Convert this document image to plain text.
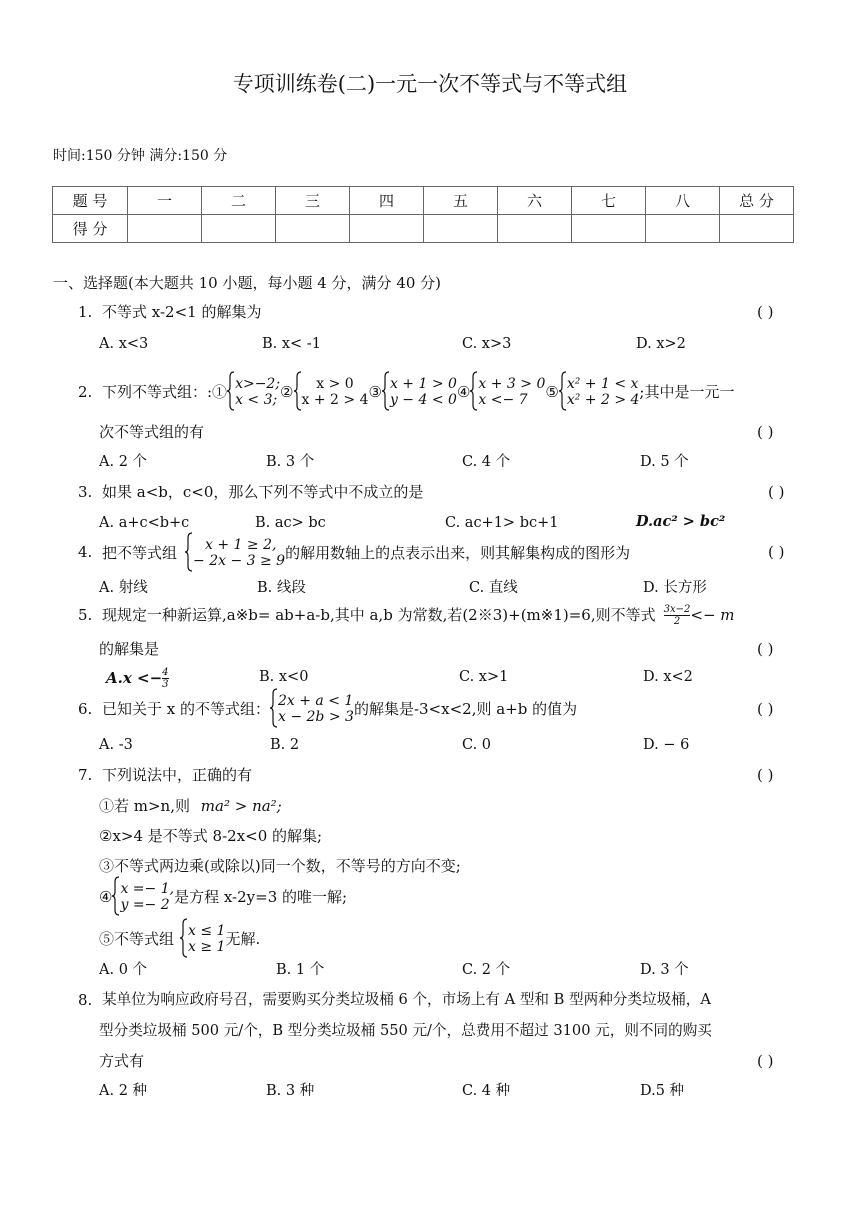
专项训练卷(二)一元一次不等式与不等式组
时间:150 分钟 满分:150 分
题 号	一	二	三	四	五	六	七	八	总 分
得 分									
一、选择题(本大题共 10 小题，每小题 4 分，满分 40 分)
1. 不等式 x-2<1 的解集为	( )
A. x<3	B. x< -1	C. x>3	D. x>2
2. 下列不等式组：:① x>−2;
x < 3; ②	x > 0
x + 2 > 4 ③ x + 1 > 0
y − 4 < 0 ④ x + 3 > 0
x <− 7	⑤ x² + 1 < x
x² + 2 > 4 ;其中是一元一
次不等式组的有	( )
A. 2 个	B. 3 个	C. 4 个	D. 5 个
3. 如果 a<b，c<0，那么下列不等式中不成立的是	( )
A. a+c<b+c	B. ac> bc	C. ac+1> bc+1	D.ac² > bc²
4. 把不等式组	x + 1 ≥ 2,
− 2x − 3 ≥ 9 的解用数轴上的点表示出来，则其解集构成的图形为	( )
A. 射线	B. 线段	C. 直线	D. 长方形
5. 现规定一种新运算,a※b= ab+a-b,其中 a,b 为常数,若(2※3)+(m※1)=6,则不等式 $\frac{3x-2}{2} <- m$
的解集是	( )
$A.x <- \frac{4}{3}$	B. x<0	C. x>1	D. x<2
6. 已知关于 x 的不等式组： 2x + a < 1
x − 2b > 3 的解集是-3<x<2,则 a+b 的值为	( )
A. -3	B. 2	C. 0	D. − 6
7. 下列说法中，正确的有	( )
①若 m>n,则 ma² > na²;
②x>4 是不等式 8-2x<0 的解集;
③不等式两边乘(或除以)同一个数，不等号的方向不变;
④ x =− 1,
y =− 2 是方程 x-2y=3 的唯一解;
⑤不等式组 x ≤ 1
x ≥ 1 无解.
A. 0 个	B. 1 个	C. 2 个	D. 3 个
8. 某单位为响应政府号召，需要购买分类垃圾桶 6 个，市场上有 A 型和 B 型两种分类垃圾桶，A
型分类垃圾桶 500 元/个，B 型分类垃圾桶 550 元/个，总费用不超过 3100 元，则不同的购买
方式有	( )
A. 2 种	B. 3 种	C. 4 种	D.5 种
